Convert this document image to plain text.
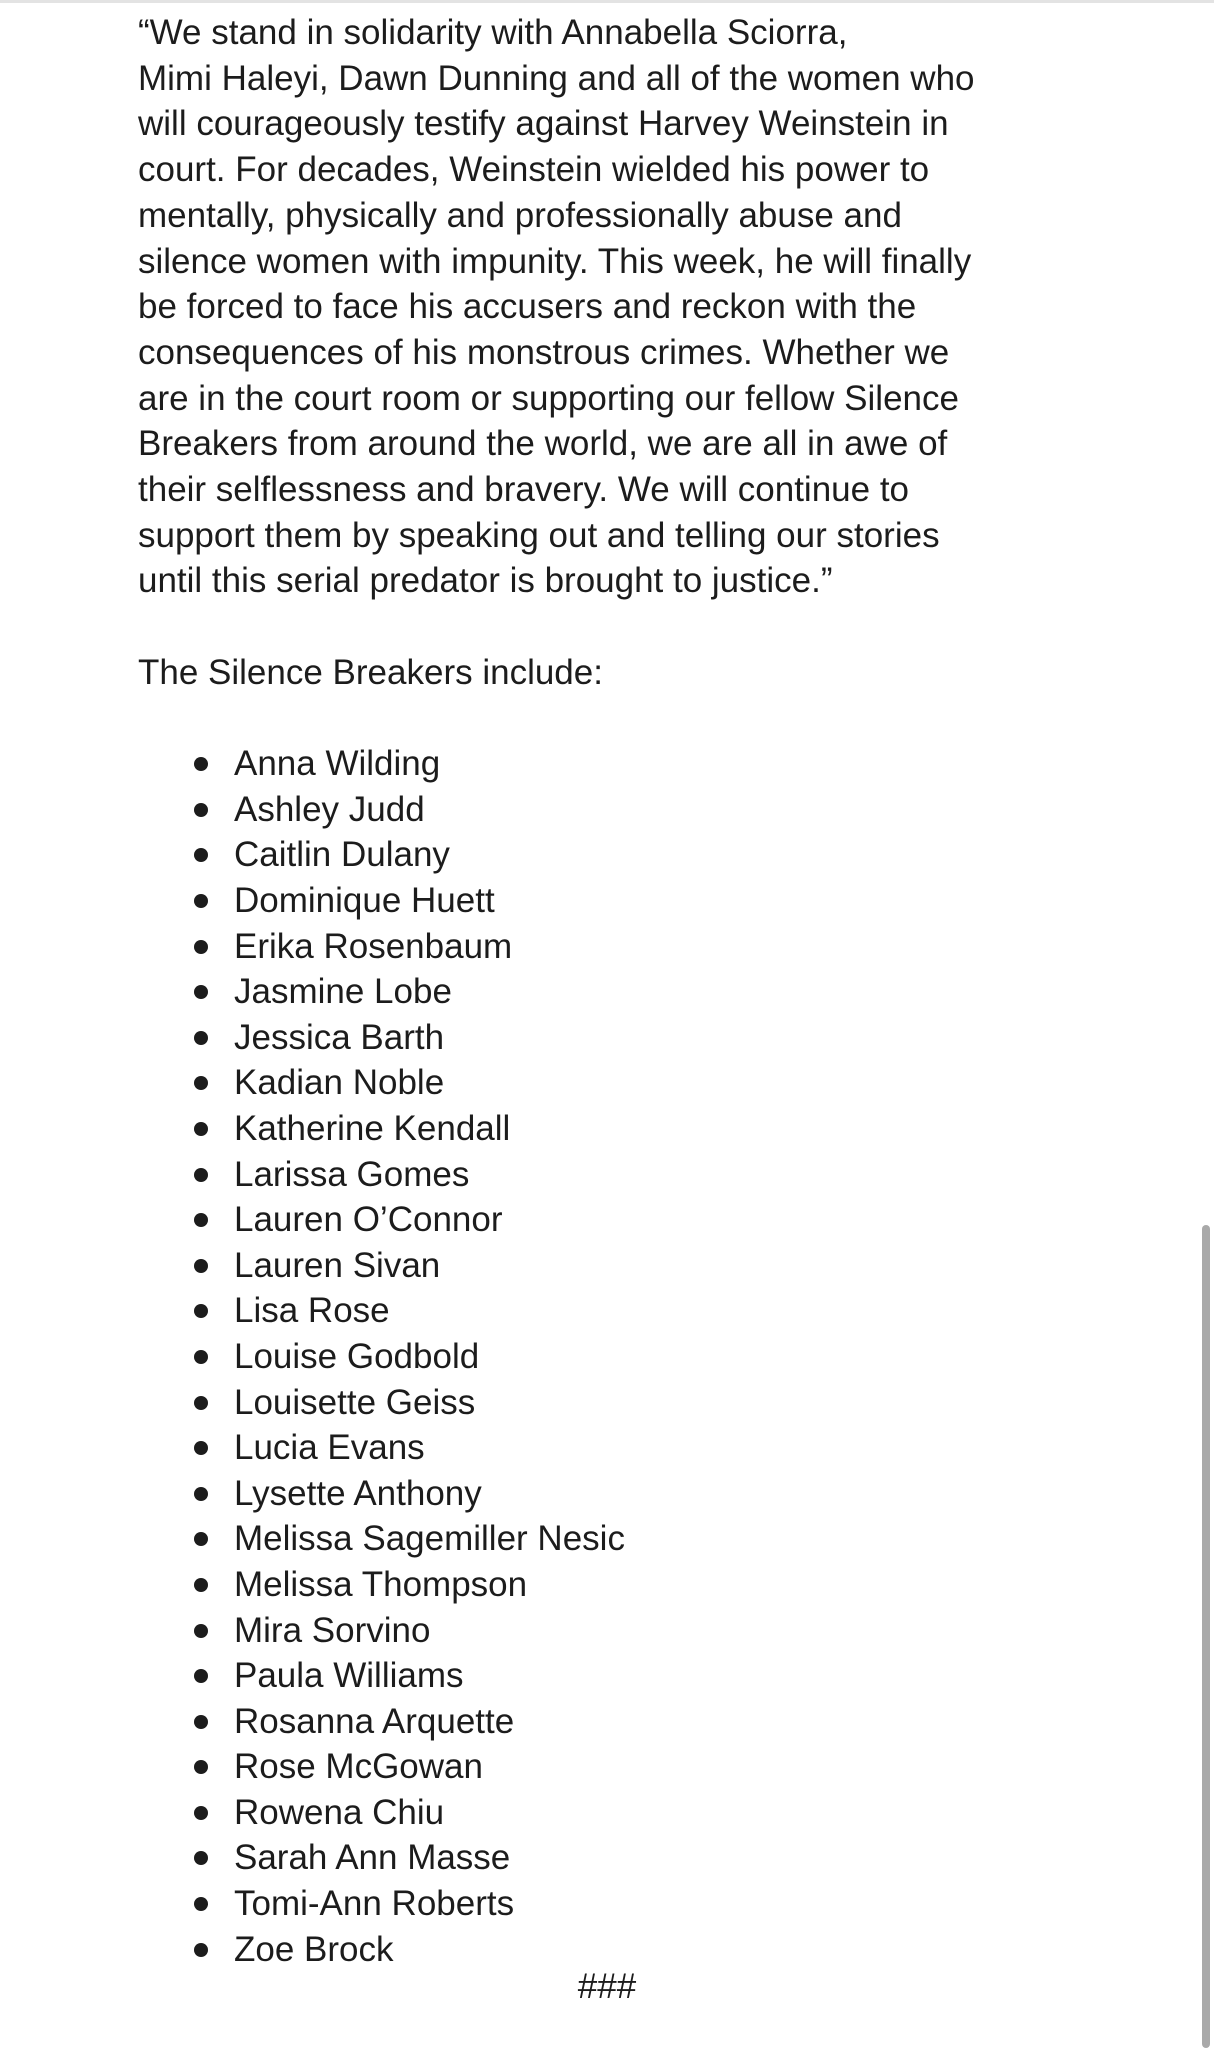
“We stand in solidarity with Annabella Sciorra,
Mimi Haleyi, Dawn Dunning and all of the women who
will courageously testify against Harvey Weinstein in
court. For decades, Weinstein wielded his power to
mentally, physically and professionally abuse and
silence women with impunity. This week, he will finally
be forced to face his accusers and reckon with the
consequences of his monstrous crimes. Whether we
are in the court room or supporting our fellow Silence
Breakers from around the world, we are all in awe of
their selflessness and bravery. We will continue to
support them by speaking out and telling our stories
until this serial predator is brought to justice.”

The Silence Breakers include:

Anna Wilding
Ashley Judd
Caitlin Dulany
Dominique Huett
Erika Rosenbaum
Jasmine Lobe
Jessica Barth
Kadian Noble
Katherine Kendall
Larissa Gomes
Lauren O’Connor
Lauren Sivan
Lisa Rose
Louise Godbold
Louisette Geiss
Lucia Evans
Lysette Anthony
Melissa Sagemiller Nesic
Melissa Thompson
Mira Sorvino
Paula Williams
Rosanna Arquette
Rose McGowan
Rowena Chiu
Sarah Ann Masse
Tomi-Ann Roberts
Zoe Brock
###
